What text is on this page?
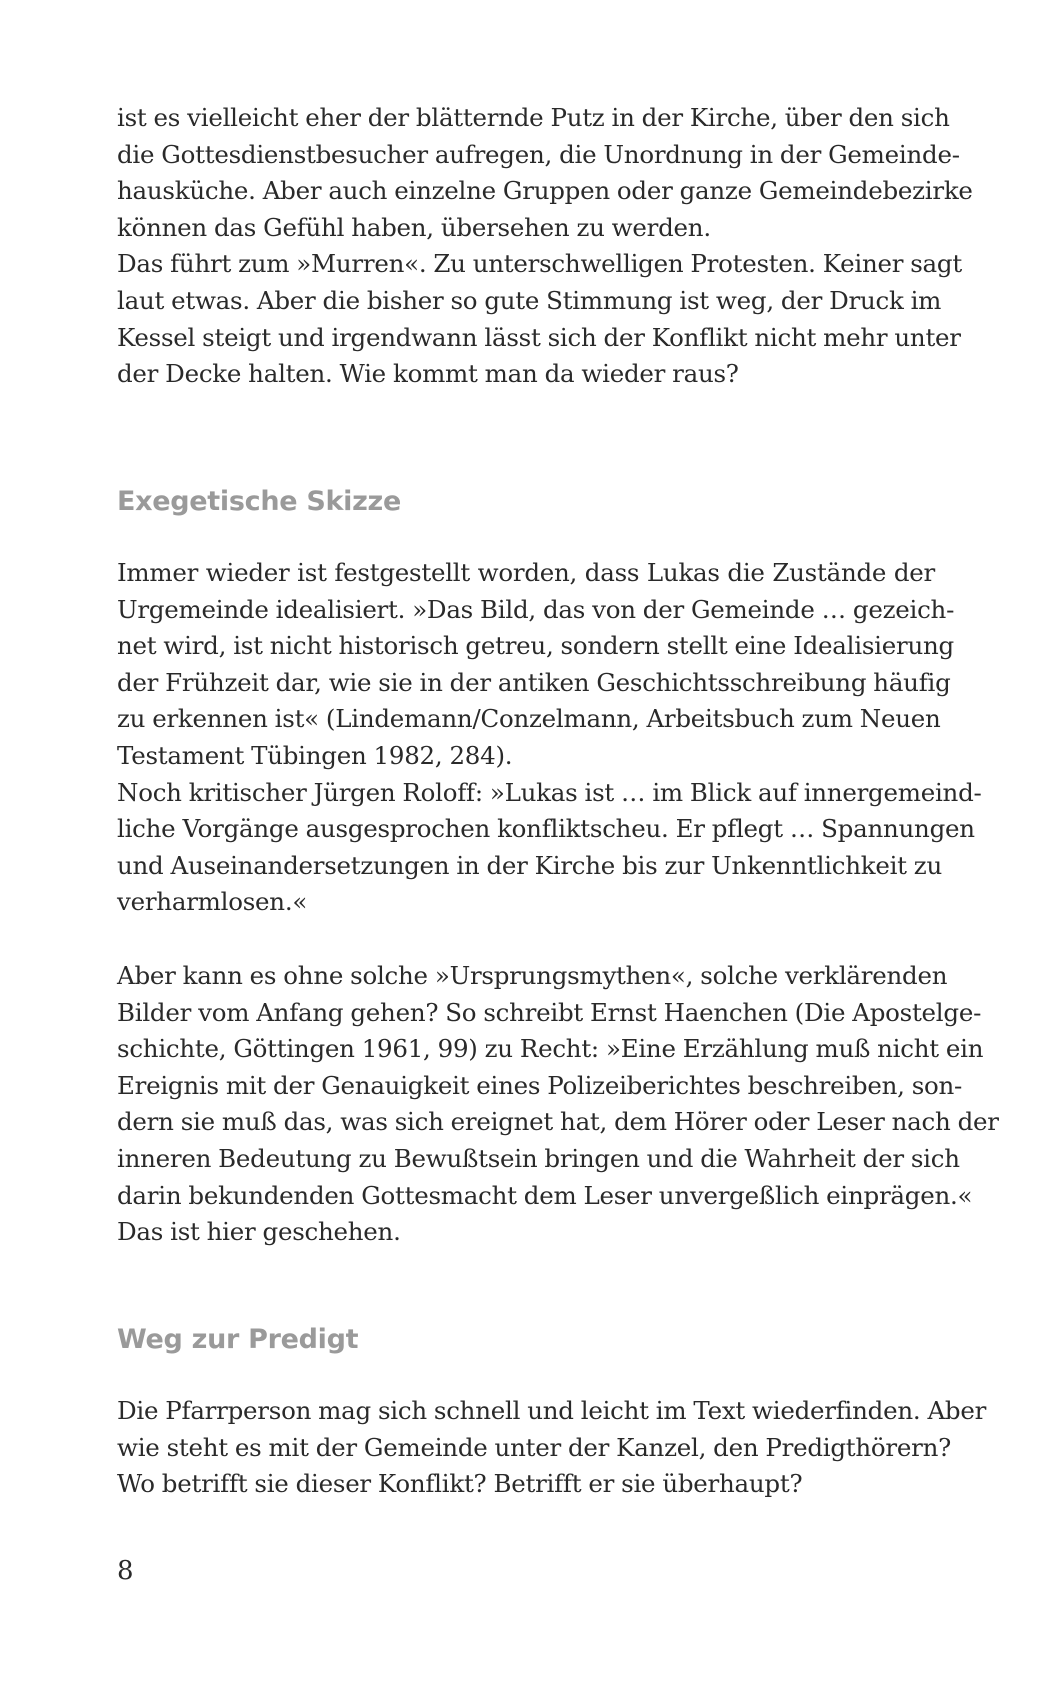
ist es vielleicht eher der blätternde Putz in der Kirche, über den sich
die Gottesdienstbesucher aufregen, die Unordnung in der Gemeinde-
hausküche. Aber auch einzelne Gruppen oder ganze Gemeindebezirke
können das Gefühl haben, übersehen zu werden.
Das führt zum »Murren«. Zu unterschwelligen Protesten. Keiner sagt
laut etwas. Aber die bisher so gute Stimmung ist weg, der Druck im
Kessel steigt und irgendwann lässt sich der Konflikt nicht mehr unter
der Decke halten. Wie kommt man da wieder raus?
Exegetische Skizze
Immer wieder ist festgestellt worden, dass Lukas die Zustände der
Urgemeinde idealisiert. »Das Bild, das von der Gemeinde … gezeich-
net wird, ist nicht historisch getreu, sondern stellt eine Idealisierung
der Frühzeit dar, wie sie in der antiken Geschichtsschreibung häufig
zu erkennen ist« (Lindemann/Conzelmann, Arbeitsbuch zum Neuen
Testament Tübingen 1982, 284).
Noch kritischer Jürgen Roloff: »Lukas ist … im Blick auf innergemeind-
liche Vorgänge ausgesprochen konfliktscheu. Er pflegt … Spannungen
und Auseinandersetzungen in der Kirche bis zur Unkenntlichkeit zu
verharmlosen.«
Aber kann es ohne solche »Ursprungsmythen«, solche verklärenden
Bilder vom Anfang gehen? So schreibt Ernst Haenchen (Die Apostelge-
schichte, Göttingen 1961, 99) zu Recht: »Eine Erzählung muß nicht ein
Ereignis mit der Genauigkeit eines Polizeiberichtes beschreiben, son-
dern sie muß das, was sich ereignet hat, dem Hörer oder Leser nach der
inneren Bedeutung zu Bewußtsein bringen und die Wahrheit der sich
darin bekundenden Gottesmacht dem Leser unvergeßlich einprägen.«
Das ist hier geschehen.
Weg zur Predigt
Die Pfarrperson mag sich schnell und leicht im Text wiederfinden. Aber
wie steht es mit der Gemeinde unter der Kanzel, den Predigthörern?
Wo betrifft sie dieser Konflikt? Betrifft er sie überhaupt?
8
